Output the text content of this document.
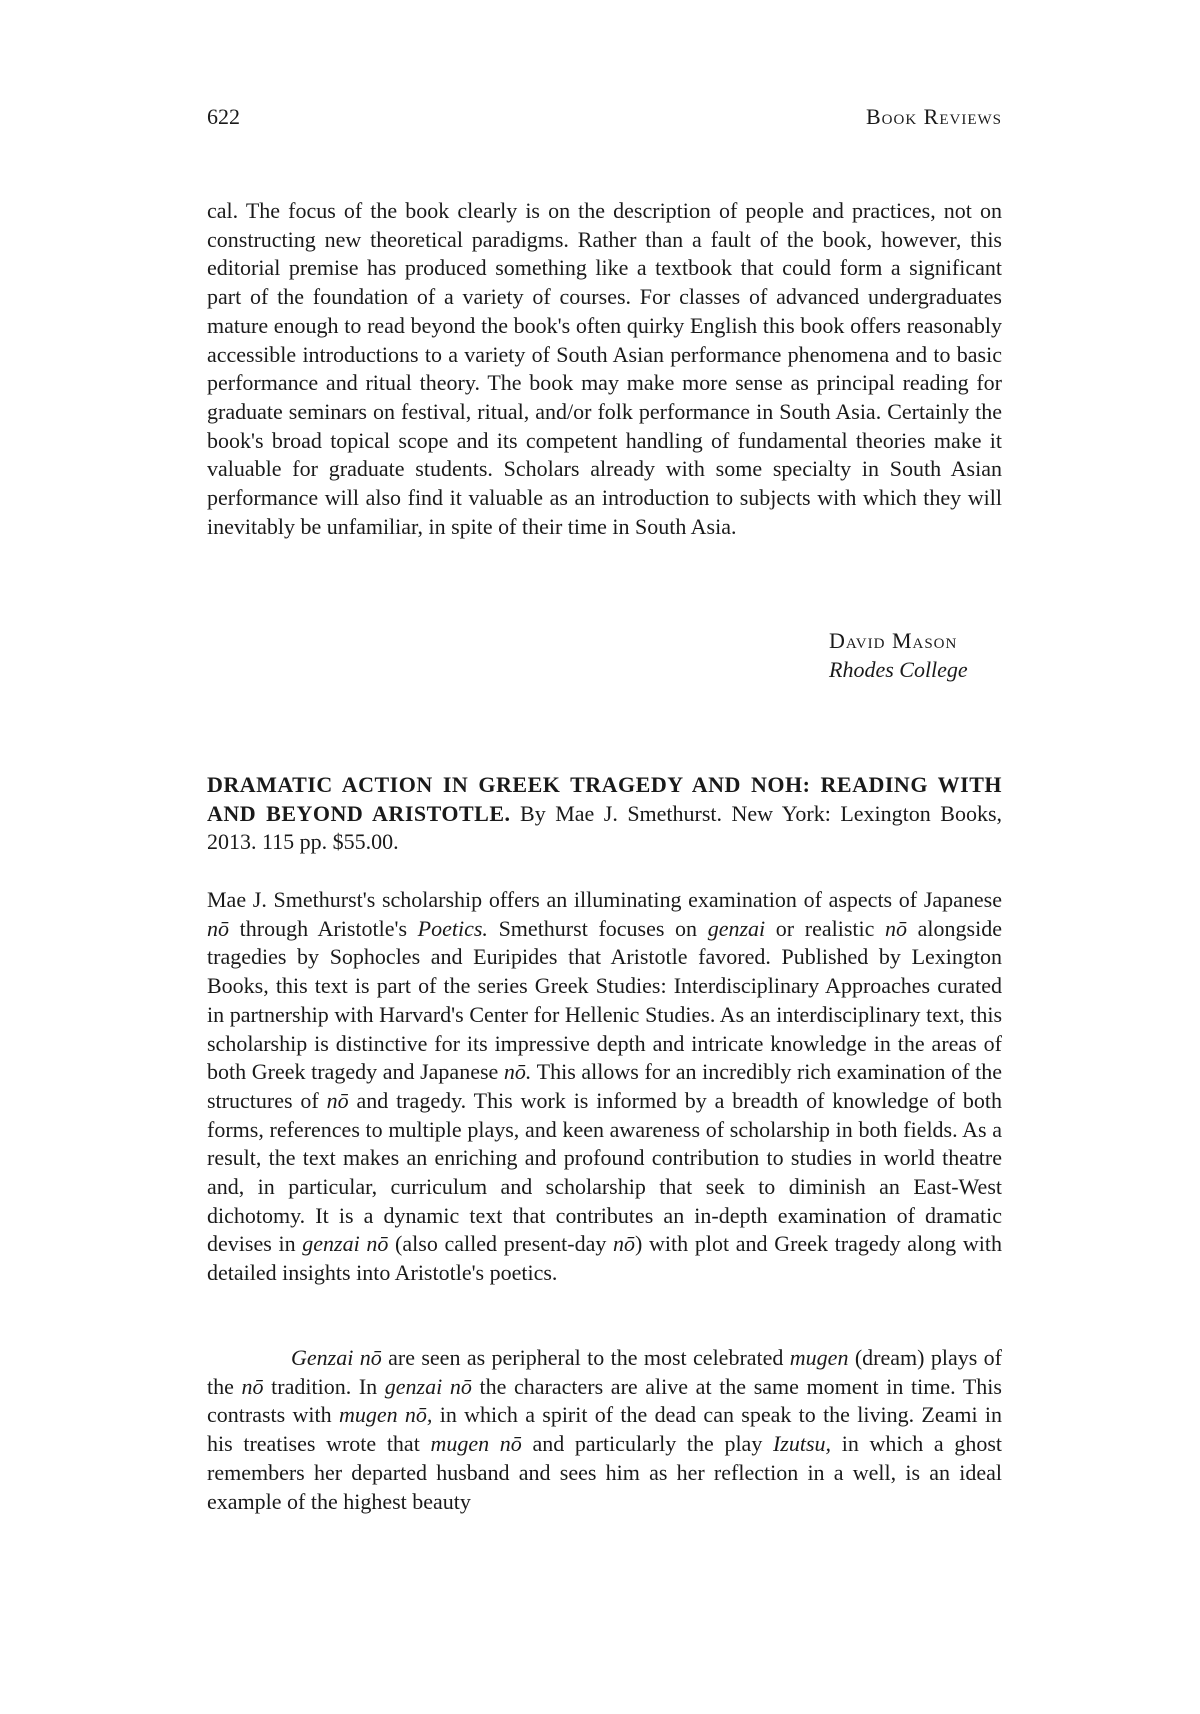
622	Book Reviews

cal. The focus of the book clearly is on the description of people and practices, not on constructing new theoretical paradigms. Rather than a fault of the book, however, this editorial premise has produced something like a textbook that could form a significant part of the foundation of a variety of courses. For classes of advanced undergraduates mature enough to read beyond the book's often quirky English this book offers reasonably accessible introductions to a variety of South Asian performance phenomena and to basic performance and ritual theory. The book may make more sense as principal reading for graduate seminars on festival, ritual, and/or folk performance in South Asia. Certainly the book's broad topical scope and its competent handling of fundamental theories make it valuable for graduate students. Scholars already with some specialty in South Asian performance will also find it valuable as an introduction to subjects with which they will inevitably be unfamiliar, in spite of their time in South Asia.

David Mason
Rhodes College

DRAMATIC ACTION IN GREEK TRAGEDY AND NOH: READING WITH AND BEYOND ARISTOTLE. By Mae J. Smethurst. New York: Lexington Books, 2013. 115 pp. $55.00.

Mae J. Smethurst's scholarship offers an illuminating examination of aspects of Japanese nō through Aristotle's Poetics. Smethurst focuses on genzai or realistic nō alongside tragedies by Sophocles and Euripides that Aristotle favored. Published by Lexington Books, this text is part of the series Greek Studies: Interdisciplinary Approaches curated in partnership with Harvard's Center for Hellenic Studies. As an interdisciplinary text, this scholarship is distinctive for its impressive depth and intricate knowledge in the areas of both Greek tragedy and Japanese nō. This allows for an incredibly rich examination of the structures of nō and tragedy. This work is informed by a breadth of knowledge of both forms, references to multiple plays, and keen awareness of scholarship in both fields. As a result, the text makes an enriching and profound contribution to studies in world theatre and, in particular, curriculum and scholarship that seek to diminish an East-West dichotomy. It is a dynamic text that contributes an in-depth examination of dramatic devises in genzai nō (also called present-day nō) with plot and Greek tragedy along with detailed insights into Aristotle's poetics.

Genzai nō are seen as peripheral to the most celebrated mugen (dream) plays of the nō tradition. In genzai nō the characters are alive at the same moment in time. This contrasts with mugen nō, in which a spirit of the dead can speak to the living. Zeami in his treatises wrote that mugen nō and particularly the play Izutsu, in which a ghost remembers her departed husband and sees him as her reflection in a well, is an ideal example of the highest beauty
